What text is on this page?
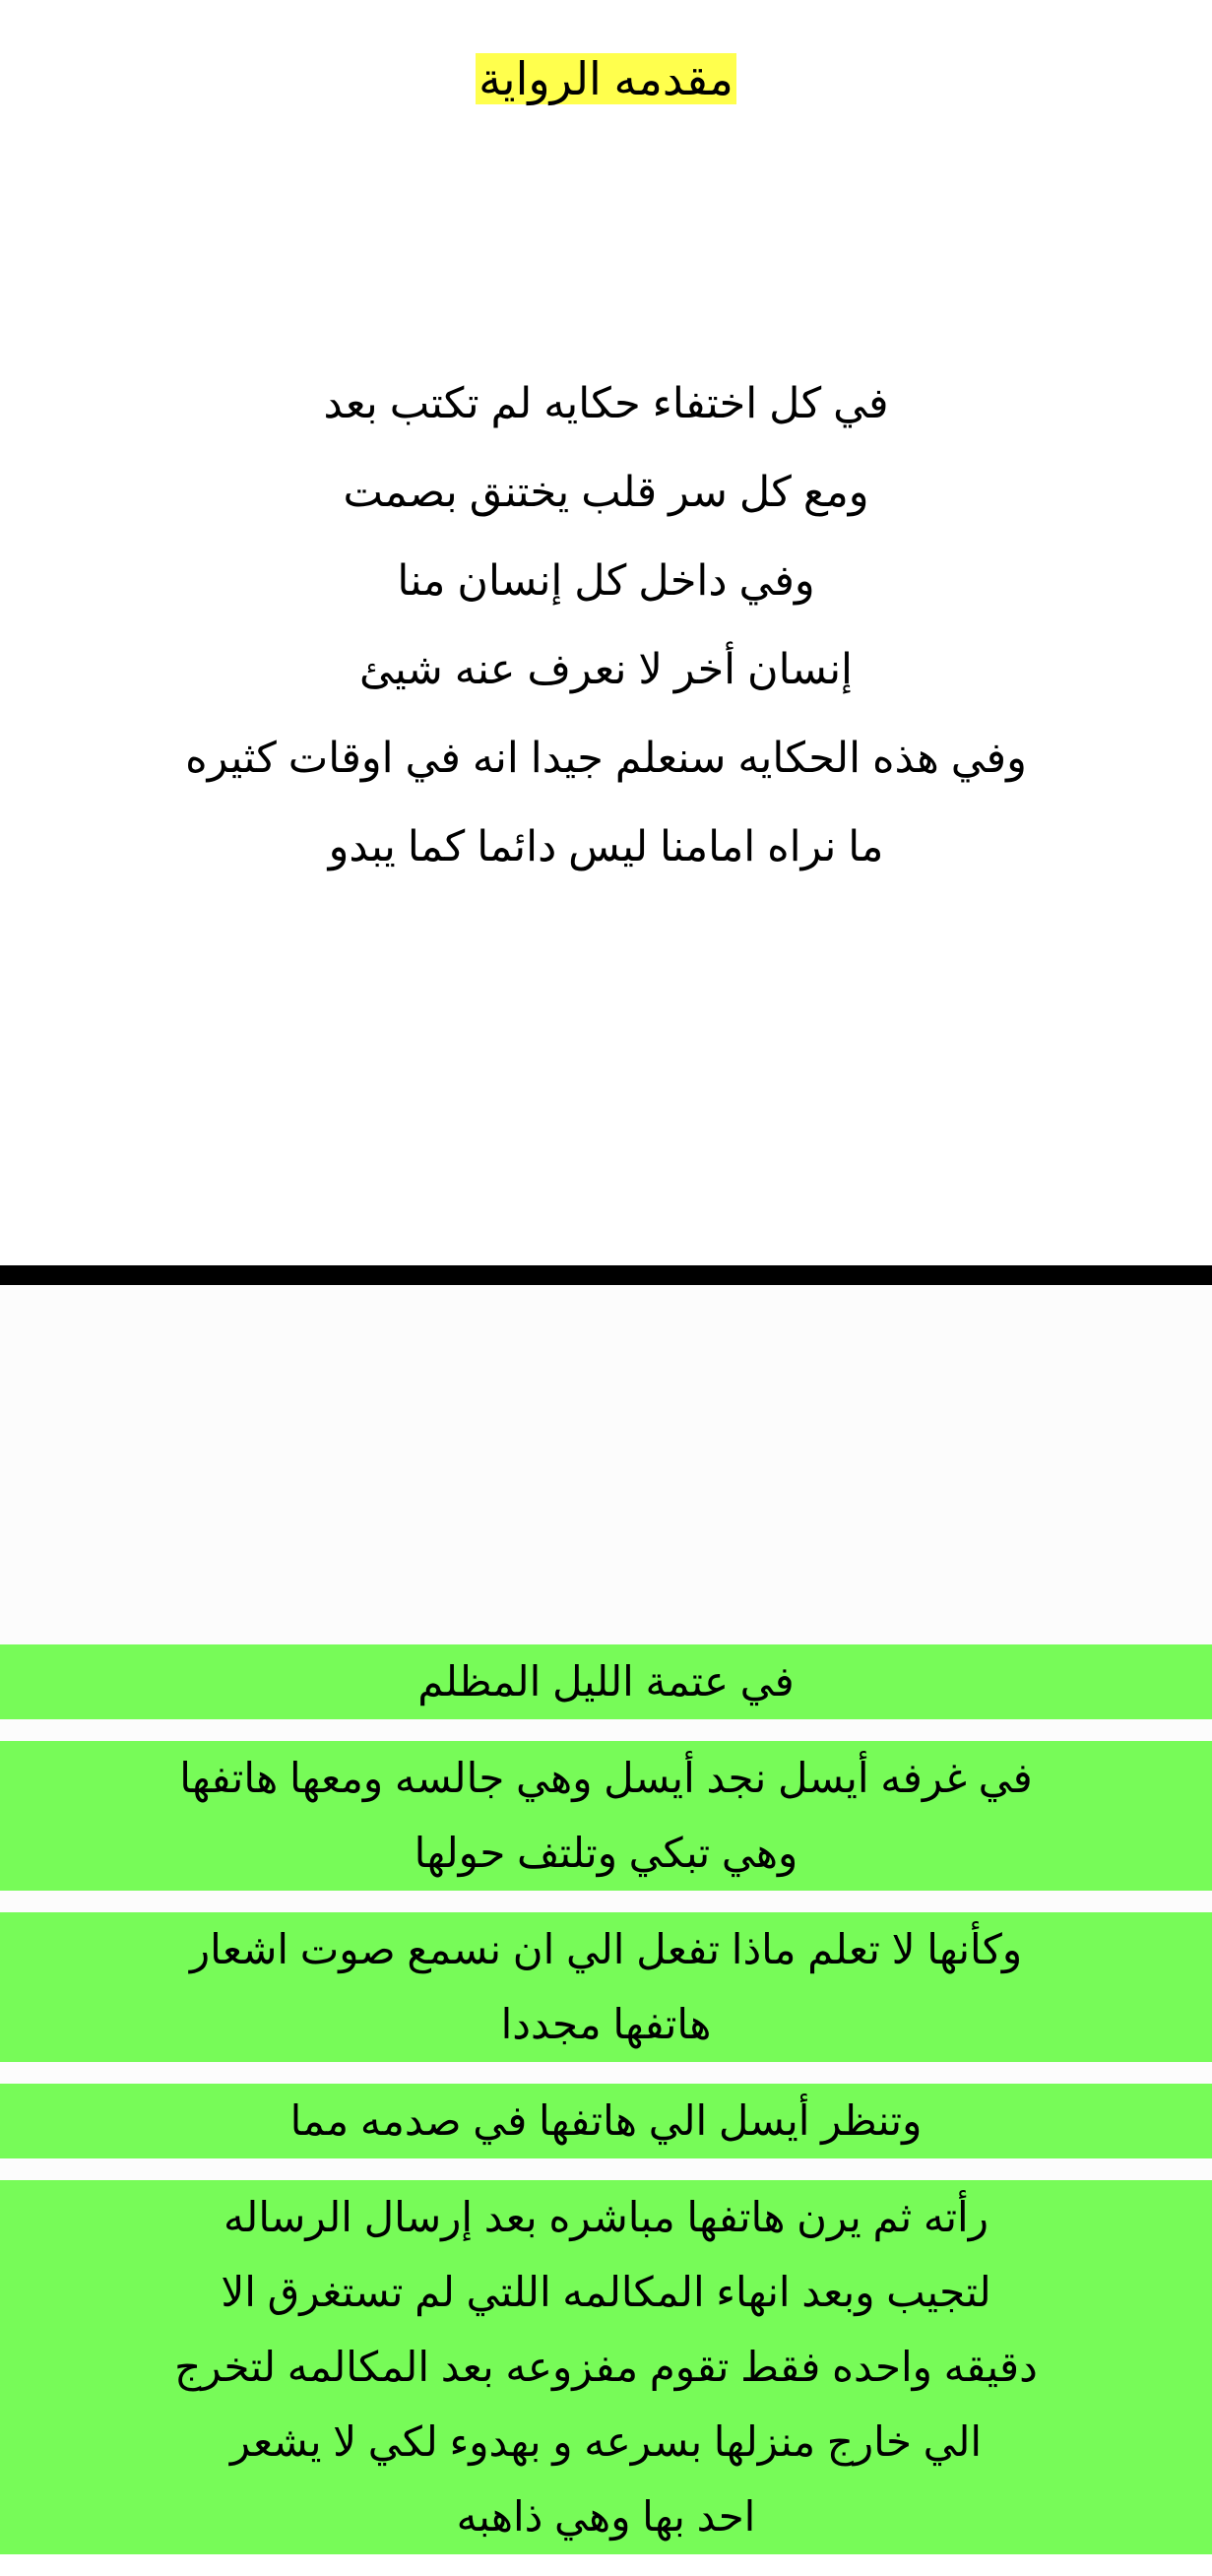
مقدمه الرواية
في كل اختفاء حكايه لم تكتب بعد
ومع كل سر قلب يختنق بصمت
وفي داخل كل إنسان منا
إنسان أخر لا نعرف عنه شيئ
وفي هذه الحكايه سنعلم جيدا انه في اوقات كثيره
ما نراه امامنا ليس دائما كما يبدو
في عتمة الليل المظلم
في غرفه أيسل نجد أيسل وهي جالسه ومعها هاتفها
وهي تبكي وتلتف حولها
وكأنها لا تعلم ماذا تفعل الي ان نسمع صوت اشعار
هاتفها مجددا
وتنظر أيسل الي هاتفها في صدمه مما
رأته ثم يرن هاتفها مباشره بعد إرسال الرساله
لتجيب وبعد انهاء المكالمه اللتي لم تستغرق الا
دقيقه واحده فقط تقوم مفزوعه بعد المكالمه لتخرج
الي خارج منزلها بسرعه و بهدوء لكي لا يشعر
احد بها وهي ذاهبه
